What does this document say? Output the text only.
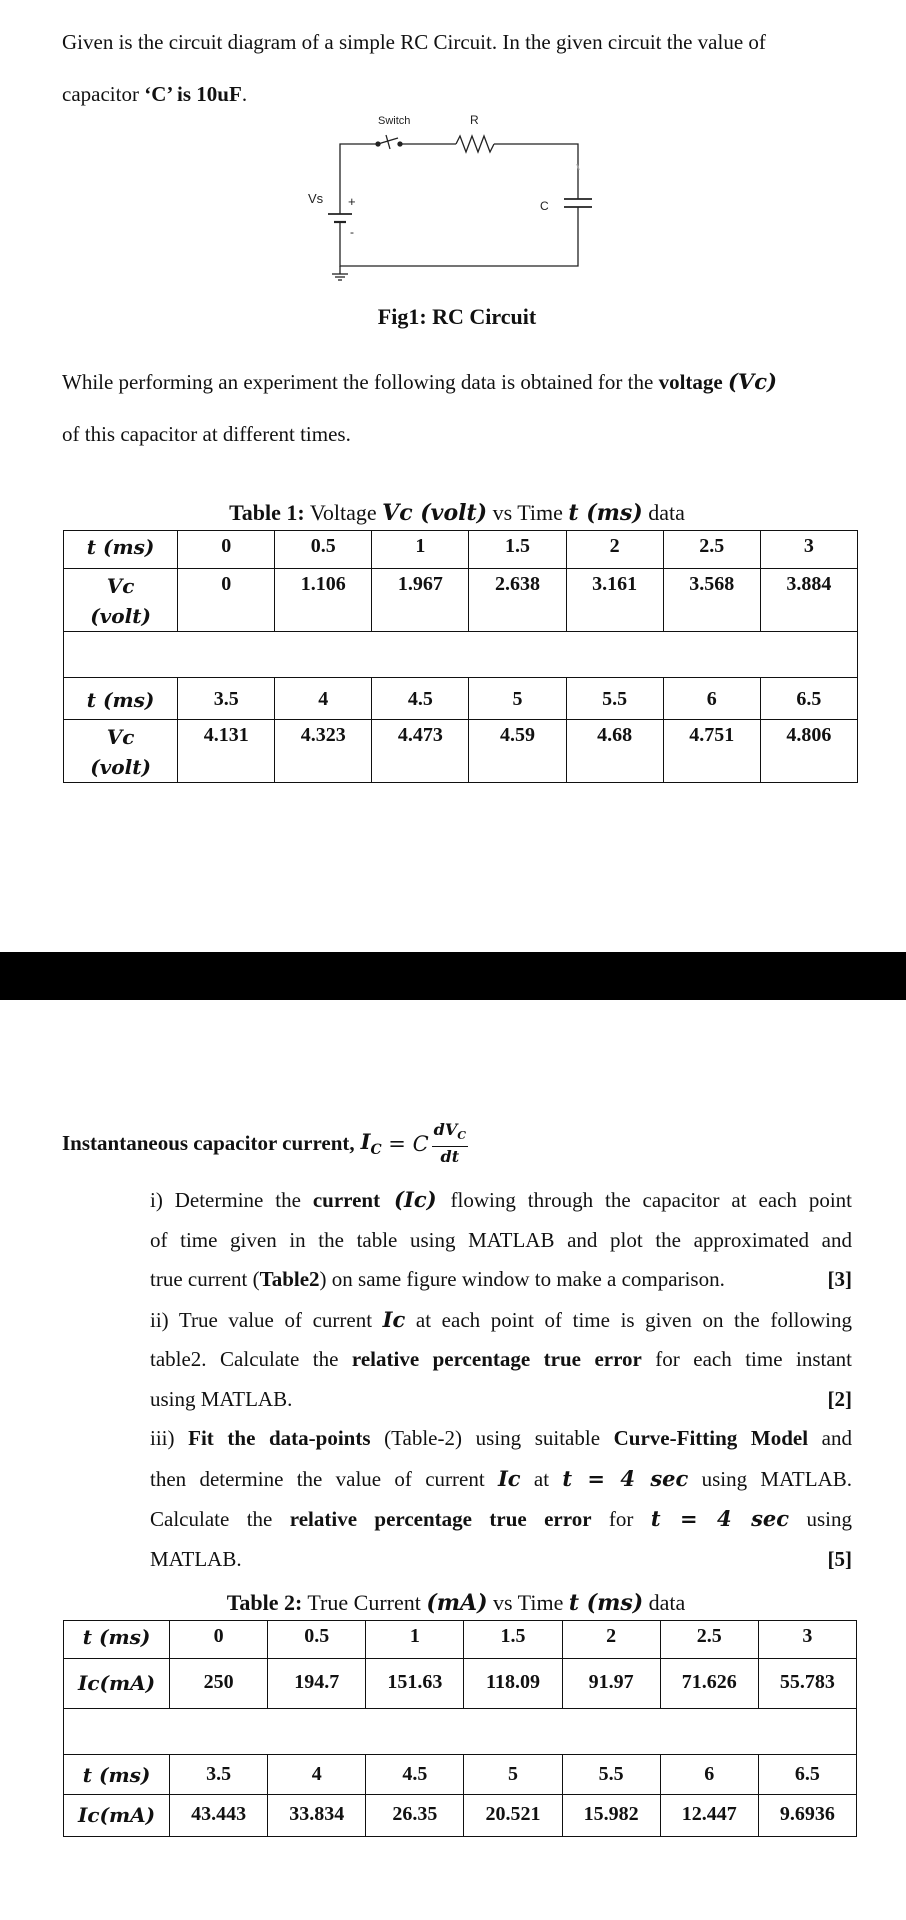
Given is the circuit diagram of a simple RC Circuit. In the given circuit the value of
capacitor ‘C’ is 10uF.
Switch	R
Vs +
-
C
Fig1: RC Circuit
While performing an experiment the following data is obtained for the voltage (Vc)
of this capacitor at different times.
Table 1: Voltage Vc (volt) vs Time t (ms) data
t (ms)	0	0.5	1	1.5	2	2.5	3

Vc
(volt)	0	1.106	1.967	2.638	3.161	3.568	3.884

t (ms)	3.5	4	4.5	5	5.5	6	6.5

Vc
(volt)	4.131	4.323	4.473	4.59	4.68	4.751	4.806
Instantaneous capacitor current, $I_C = C$
$dV_C$
dt
i) Determine the current (Ic) flowing through the capacitor at each point
of time given in the table using MATLAB and plot the approximated and
true current (Table2) on same figure window to make a comparison.	[3]
ii) True value of current Ic at each point of time is given on the following
table2. Calculate the relative percentage true error for each time instant
using MATLAB.	[2]
iii) Fit the data-points (Table-2) using suitable Curve-Fitting Model and
then determine the value of current Ic at t = 4 sec using MATLAB.
Calculate the relative percentage true error for t = 4 sec using
MATLAB.	[5]
Table 2: True Current (mA) vs Time t (ms) data
t (ms)	0	0.5	1	1.5	2	2.5	3
Ic(mA)	250	194.7	151.63	118.09	91.97	71.626	55.783

t (ms)	3.5	4	4.5	5	5.5	6	6.5
Ic(mA)	43.443	33.834	26.35	20.521	15.982	12.447	9.6936
